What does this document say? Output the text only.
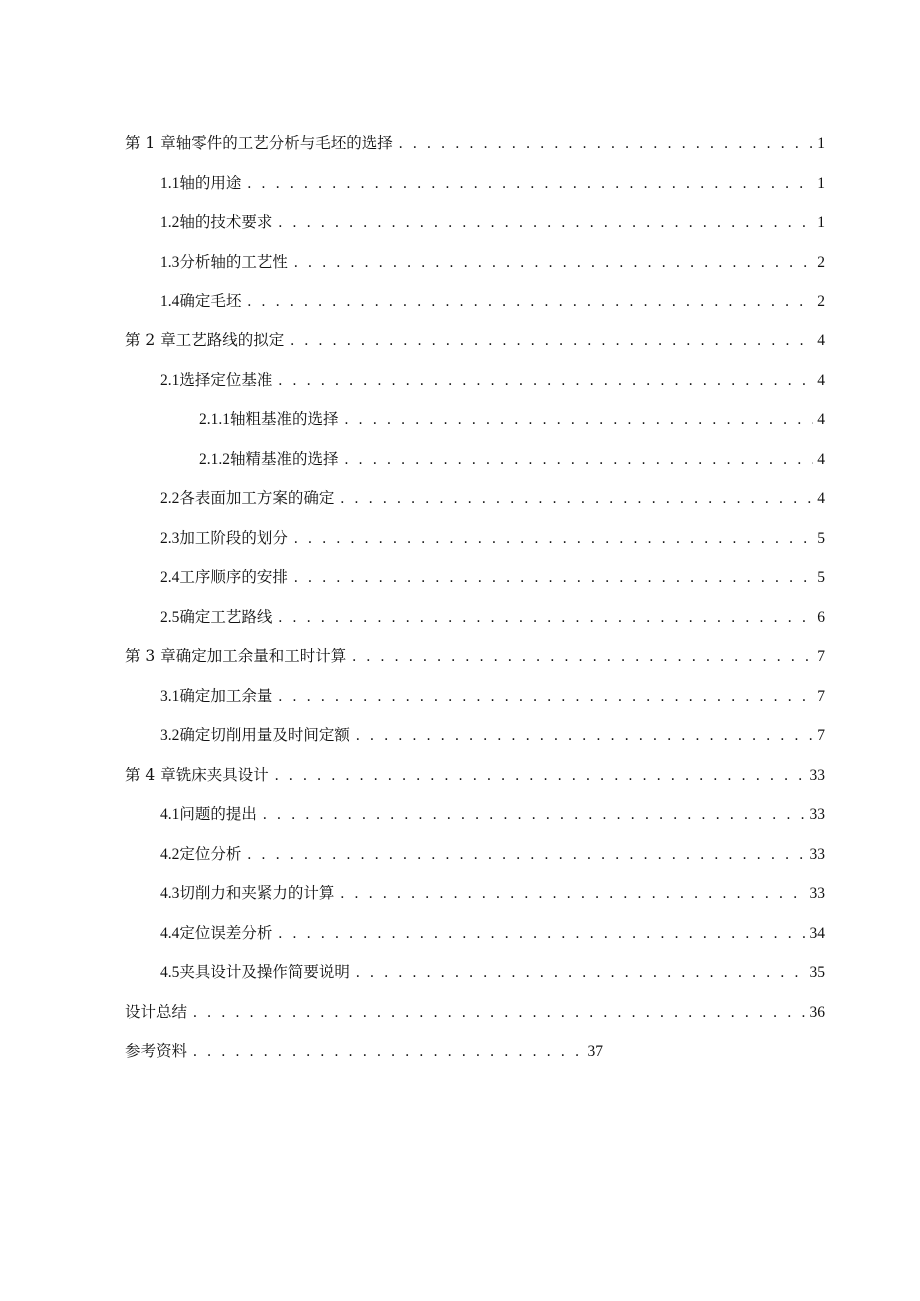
第 1 章轴零件的工艺分析与毛坯的选择 . . .	1
1.1 轴的用途 . . .	1
1.2 轴的技术要求 . . .	1
1.3 分析轴的工艺性 . . .	2
1.4 确定毛坯 . . .	2
第 2 章工艺路线的拟定 . . .	4
2.1 选择定位基准 . . .	4
2.1.1 轴粗基准的选择 . . .	4
2.1.2 轴精基准的选择 . . .	4
2.2 各表面加工方案的确定 . . .	4
2.3 加工阶段的划分 . . .	5
2.4 工序顺序的安排 . . .	5
2.5 确定工艺路线 . . .	6
第 3 章确定加工余量和工时计算 . . .	7
3.1 确定加工余量 . . .	7
3.2 确定切削用量及时间定额 . . .	7
第 4 章铣床夹具设计 . . .	33
4.1 问题的提出 . . .	33
4.2 定位分析 . . .	33
4.3 切削力和夹紧力的计算 . . .	33
4.4 定位误差分析 . . .	34
4.5 夹具设计及操作简要说明 . . .	35
设计总结 . . .	36
参考资料 . . .	37
